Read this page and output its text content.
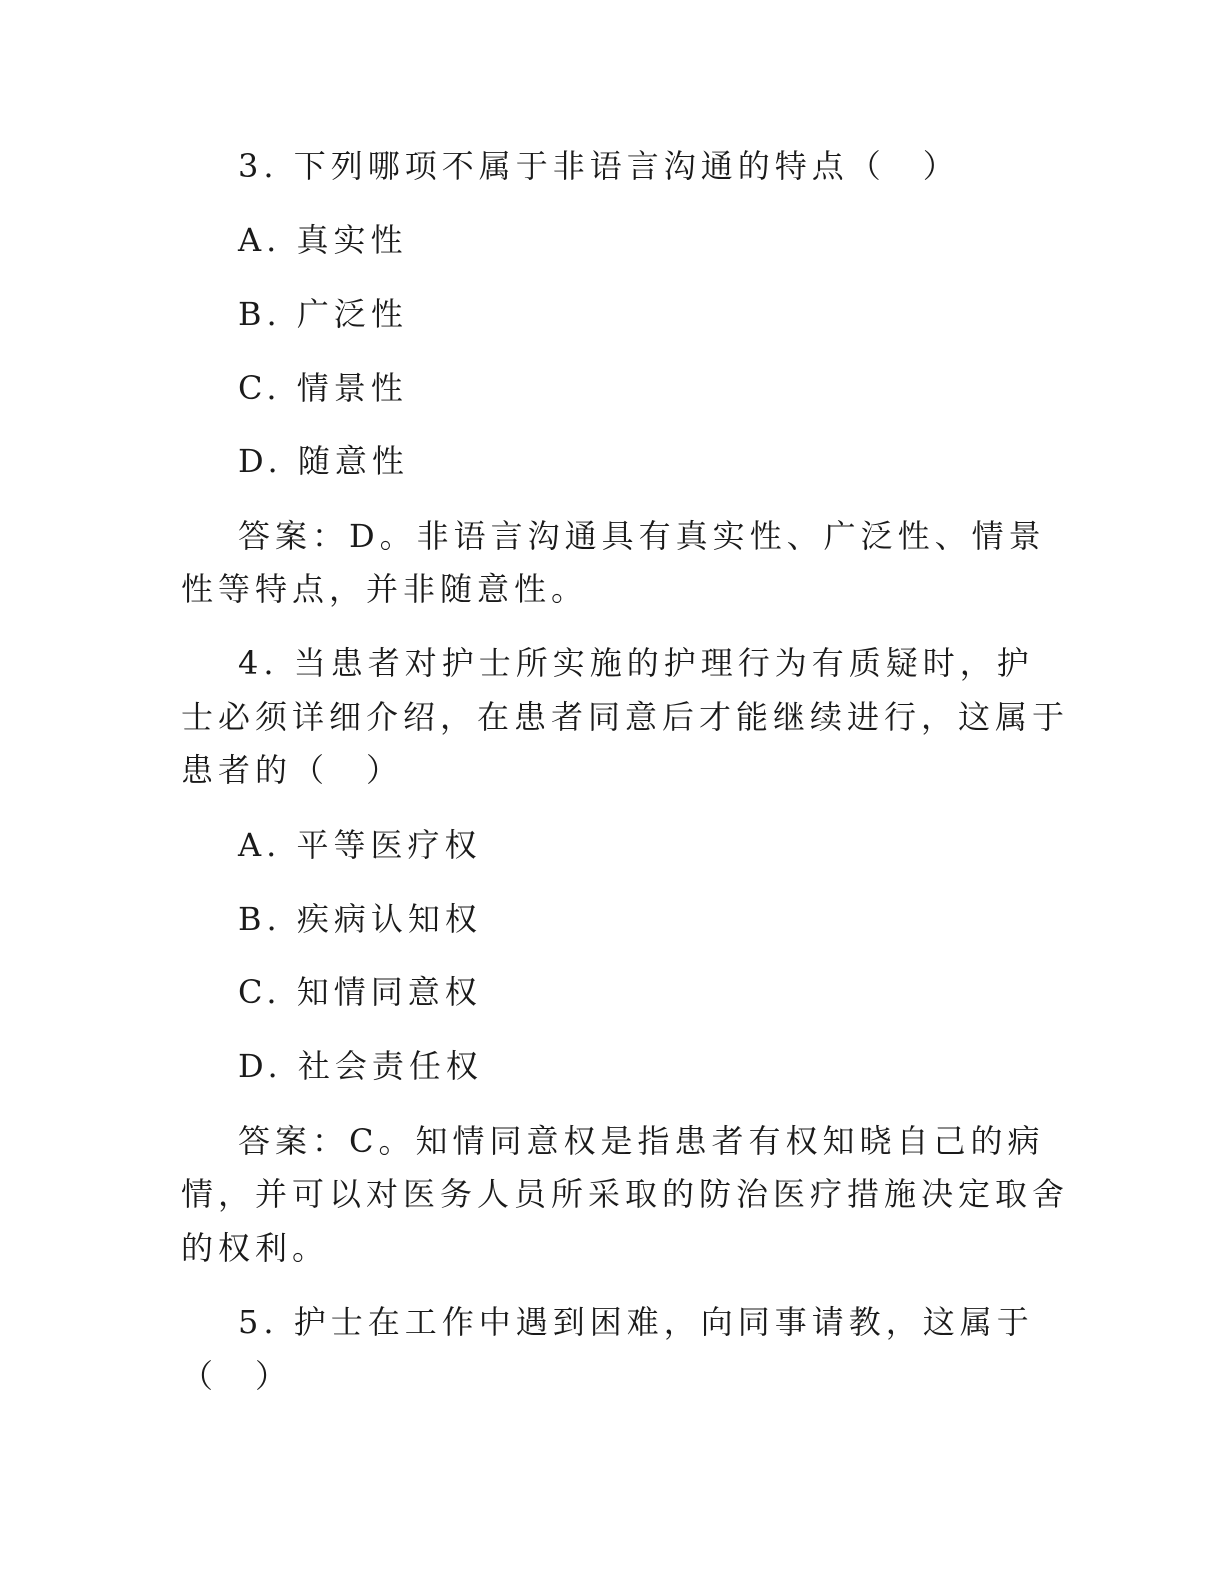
3. 下列哪项不属于非语言沟通的特点（　）
A. 真实性
B. 广泛性
C. 情景性
D. 随意性
答案：D。非语言沟通具有真实性、广泛性、情景
性等特点，并非随意性。
4. 当患者对护士所实施的护理行为有质疑时，护
士必须详细介绍，在患者同意后才能继续进行，这属于
患者的（　）
A. 平等医疗权
B. 疾病认知权
C. 知情同意权
D. 社会责任权
答案：C。知情同意权是指患者有权知晓自己的病
情，并可以对医务人员所采取的防治医疗措施决定取舍
的权利。
5. 护士在工作中遇到困难，向同事请教，这属于
（　）
